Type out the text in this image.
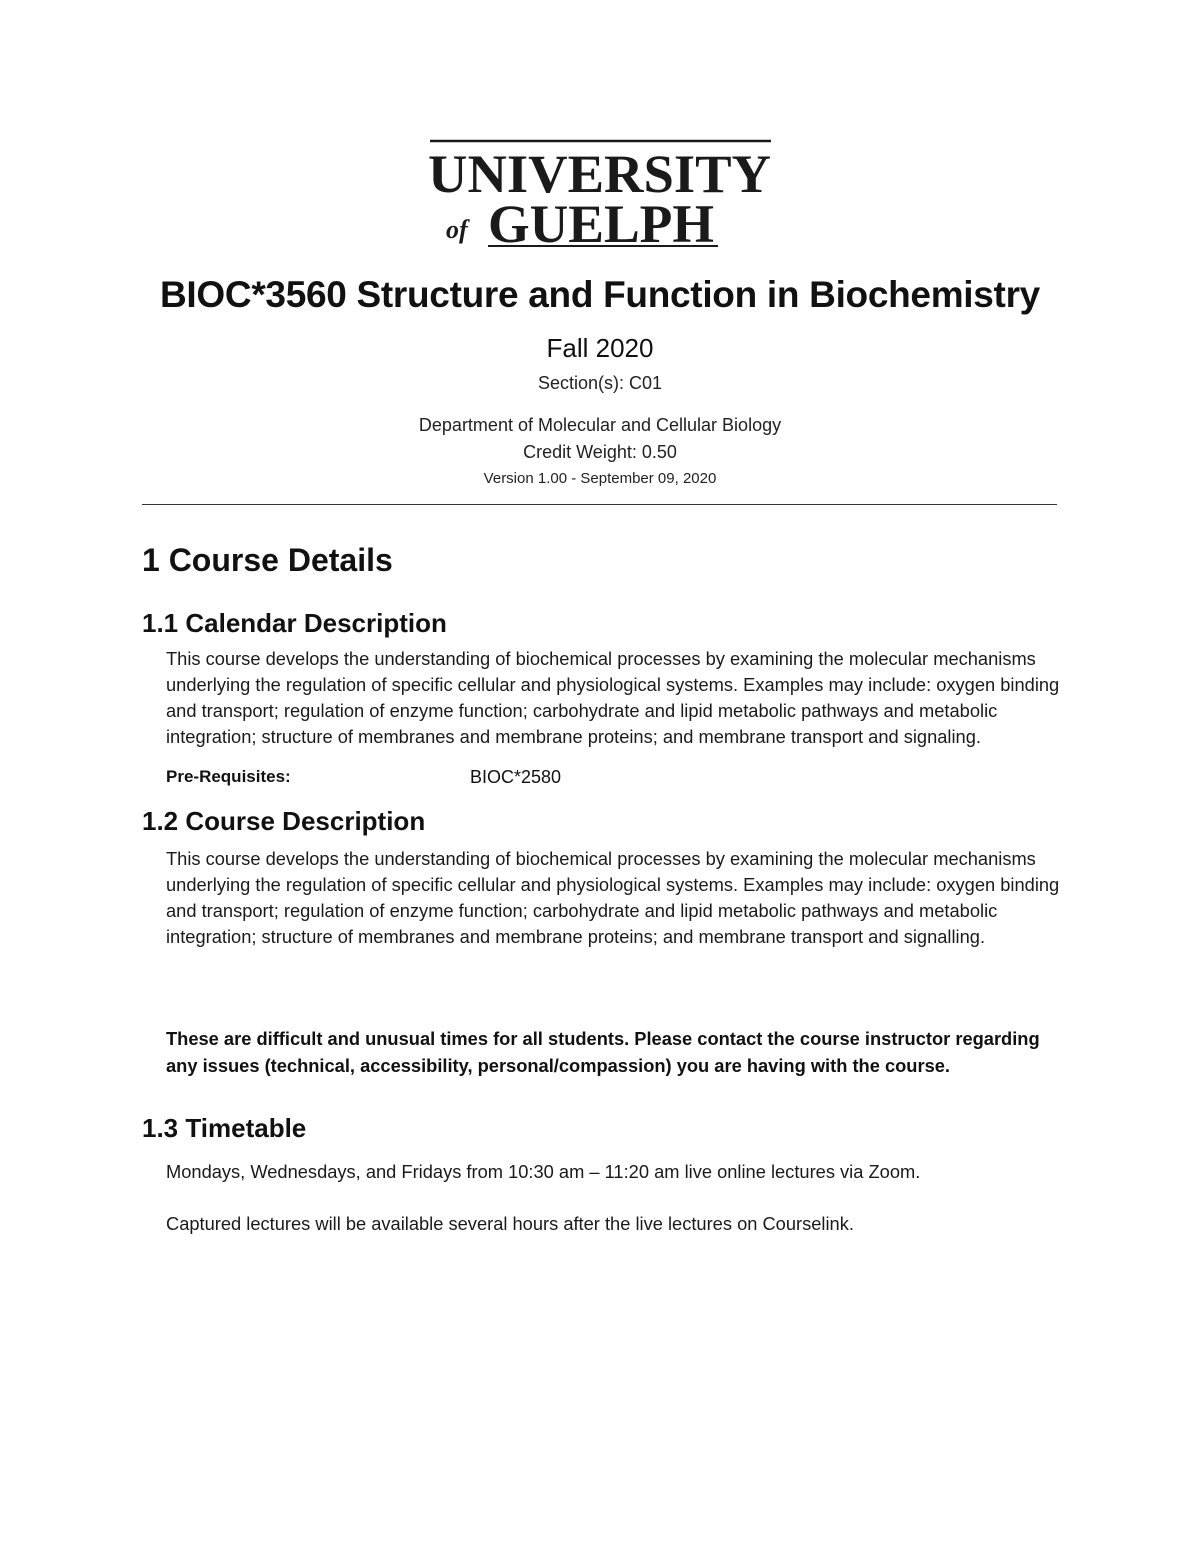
UNIVERSITY
of GUELPH
BIOC*3560 Structure and Function in Biochemistry
Fall 2020
Section(s): C01
Department of Molecular and Cellular Biology
Credit Weight: 0.50
Version 1.00 - September 09, 2020
1 Course Details
1.1 Calendar Description
This course develops the understanding of biochemical processes by examining the molecular mechanisms underlying the regulation of specific cellular and physiological systems. Examples may include: oxygen binding and transport; regulation of enzyme function; carbohydrate and lipid metabolic pathways and metabolic integration; structure of membranes and membrane proteins; and membrane transport and signaling.
Pre-Requisites:	BIOC*2580
1.2 Course Description
This course develops the understanding of biochemical processes by examining the molecular mechanisms underlying the regulation of specific cellular and physiological systems. Examples may include: oxygen binding and transport; regulation of enzyme function; carbohydrate and lipid metabolic pathways and metabolic integration; structure of membranes and membrane proteins; and membrane transport and signalling.
These are difficult and unusual times for all students. Please contact the course instructor regarding any issues (technical, accessibility, personal/compassion) you are having with the course.
1.3 Timetable
Mondays, Wednesdays, and Fridays from 10:30 am – 11:20 am live online lectures via Zoom.
Captured lectures will be available several hours after the live lectures on Courselink.
